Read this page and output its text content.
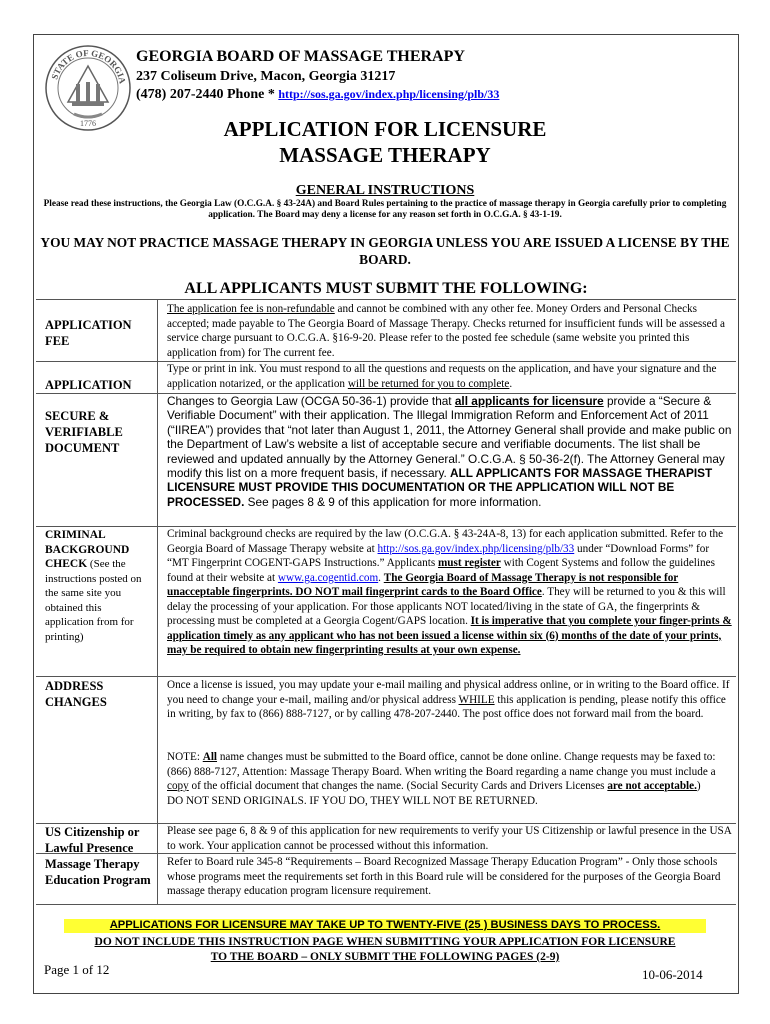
STATE OF GEORGIA
1776
GEORGIA BOARD OF MASSAGE THERAPY
237 Coliseum Drive, Macon, Georgia 31217
(478) 207-2440 Phone * http://sos.ga.gov/index.php/licensing/plb/33
APPLICATION FOR LICENSURE
MASSAGE THERAPY
GENERAL INSTRUCTIONS
Please read these instructions, the Georgia Law (O.C.G.A. § 43-24A) and Board Rules pertaining to the practice of massage therapy in Georgia carefully prior to completing application. The Board may deny a license for any reason set forth in O.C.G.A. § 43-1-19.
YOU MAY NOT PRACTICE MASSAGE THERAPY IN GEORGIA UNLESS YOU ARE ISSUED A LICENSE BY THE BOARD.
ALL APPLICANTS MUST SUBMIT THE FOLLOWING:
APPLICATION FEE
The application fee is non-refundable and cannot be combined with any other fee. Money Orders and Personal Checks accepted; made payable to The Georgia Board of Massage Therapy. Checks returned for insufficient funds will be assessed a service charge pursuant to O.C.G.A. §16-9-20. Please refer to the posted fee schedule (same website you printed this application from) for The current fee.
APPLICATION
Type or print in ink. You must respond to all the questions and requests on the application, and have your signature and the application notarized, or the application will be returned for you to complete.
SECURE & VERIFIABLE DOCUMENT
Changes to Georgia Law (OCGA 50-36-1) provide that all applicants for licensure provide a “Secure & Verifiable Document” with their application. The Illegal Immigration Reform and Enforcement Act of 2011 (“IIREA”) provides that “not later than August 1, 2011, the Attorney General shall provide and make public on the Department of Law’s website a list of acceptable secure and verifiable documents. The list shall be reviewed and updated annually by the Attorney General.” O.C.G.A. § 50-36-2(f). The Attorney General may modify this list on a more frequent basis, if necessary. ALL APPLICANTS FOR MASSAGE THERAPIST LICENSURE MUST PROVIDE THIS DOCUMENTATION OR THE APPLICATION WILL NOT BE PROCESSED. See pages 8 & 9 of this application for more information.
CRIMINAL BACKGROUND CHECK (See the instructions posted on the same site you obtained this application from for printing)
Criminal background checks are required by the law (O.C.G.A. § 43-24A-8, 13) for each application submitted. Refer to the Georgia Board of Massage Therapy website at http://sos.ga.gov/index.php/licensing/plb/33 under “Download Forms” for “MT Fingerprint COGENT-GAPS Instructions.” Applicants must register with Cogent Systems and follow the guidelines found at their website at www.ga.cogentid.com. The Georgia Board of Massage Therapy is not responsible for unacceptable fingerprints. DO NOT mail fingerprint cards to the Board Office. They will be returned to you & this will delay the processing of your application. For those applicants NOT located/living in the state of GA, the fingerprints & processing must be completed at a Georgia Cogent/GAPS location. It is imperative that you complete your finger-prints & application timely as any applicant who has not been issued a license within six (6) months of the date of your prints, may be required to obtain new fingerprinting results at your own expense.
ADDRESS CHANGES
Once a license is issued, you may update your e-mail mailing and physical address online, or in writing to the Board office. If you need to change your e-mail, mailing and/or physical address WHILE this application is pending, please notify this office in writing, by fax to (866) 888-7127, or by calling 478-207-2440. The post office does not forward mail from the board.
NOTE: All name changes must be submitted to the Board office, cannot be done online. Change requests may be faxed to: (866) 888-7127, Attention: Massage Therapy Board. When writing the Board regarding a name change you must include a copy of the official document that changes the name. (Social Security Cards and Drivers Licenses are not acceptable.)
DO NOT SEND ORIGINALS. IF YOU DO, THEY WILL NOT BE RETURNED.
US Citizenship or Lawful Presence
Please see page 6, 8 & 9 of this application for new requirements to verify your US Citizenship or lawful presence in the USA to work. Your application cannot be processed without this information.
Massage Therapy Education Program
Refer to Board rule 345-8 “Requirements – Board Recognized Massage Therapy Education Program” - Only those schools whose programs meet the requirements set forth in this Board rule will be considered for the purposes of the Georgia Board massage therapy education program licensure requirement.
APPLICATIONS FOR LICENSURE MAY TAKE UP TO TWENTY-FIVE (25 ) BUSINESS DAYS TO PROCESS.
DO NOT INCLUDE THIS INSTRUCTION PAGE WHEN SUBMITTING YOUR APPLICATION FOR LICENSURE
TO THE BOARD – ONLY SUBMIT THE FOLLOWING PAGES (2-9)
Page 1 of 12	10-06-2014
